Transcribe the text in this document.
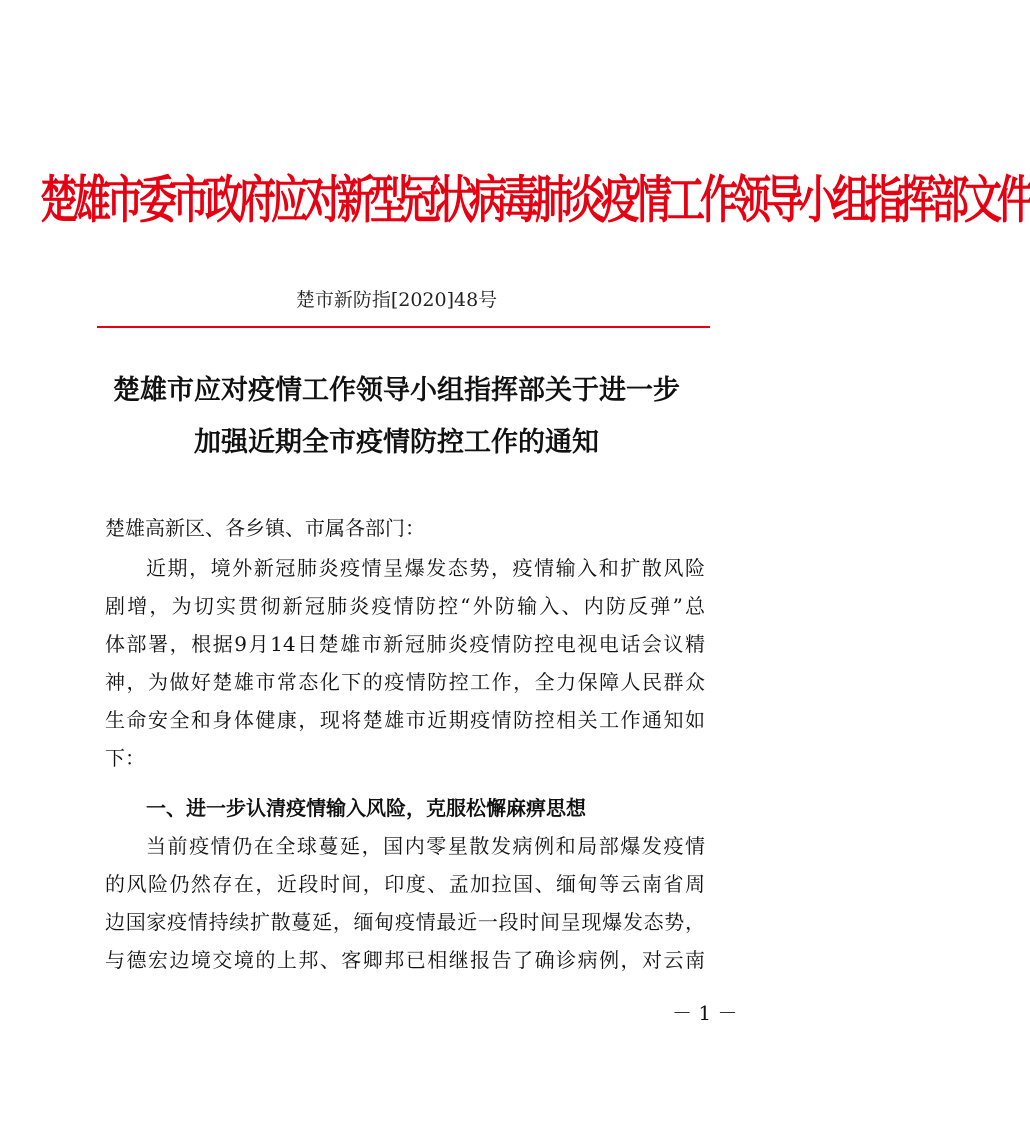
楚雄市委市政府应对新型冠状病毒肺炎疫情工作领导小组指挥部文件
楚市新防指[2020]48号
楚雄市应对疫情工作领导小组指挥部关于进一步
加强近期全市疫情防控工作的通知
楚雄高新区、各乡镇、市属各部门：
近期，境外新冠肺炎疫情呈爆发态势，疫情输入和扩散风险
剧增，为切实贯彻新冠肺炎疫情防控“外防输入、内防反弹”总
体部署，根据9月14日楚雄市新冠肺炎疫情防控电视电话会议精
神，为做好楚雄市常态化下的疫情防控工作，全力保障人民群众
生命安全和身体健康，现将楚雄市近期疫情防控相关工作通知如
下：
一、进一步认清疫情输入风险，克服松懈麻痹思想
当前疫情仍在全球蔓延，国内零星散发病例和局部爆发疫情
的风险仍然存在，近段时间，印度、孟加拉国、缅甸等云南省周
边国家疫情持续扩散蔓延，缅甸疫情最近一段时间呈现爆发态势，
与德宏边境交境的上邦、客卿邦已相继报告了确诊病例，对云南
－ 1 －
